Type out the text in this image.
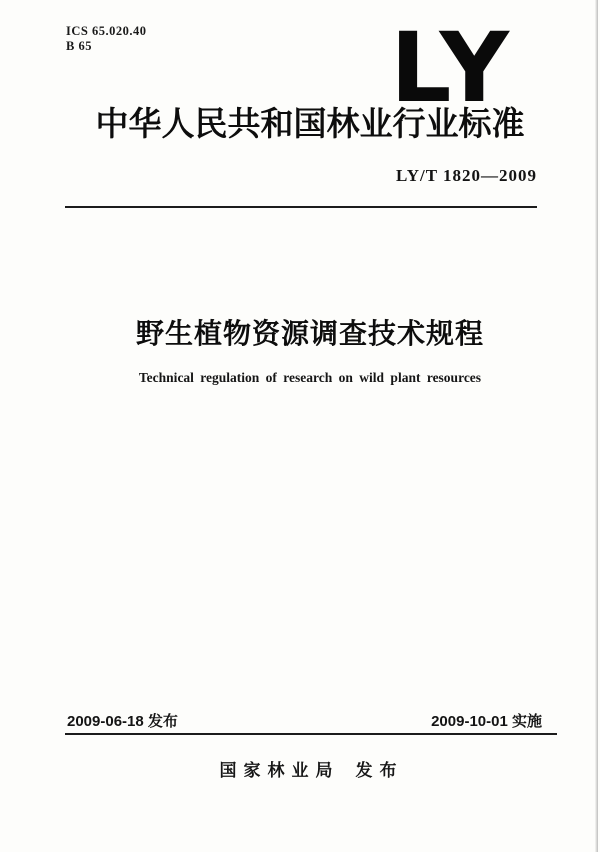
ICS 65.020.40
B 65	LY
中华人民共和国林业行业标准
LY/T 1820—2009
野生植物资源调查技术规程
Technical regulation of research on wild plant resources
2009-06-18 发布	2009-10-01 实施
国家林业局 发布
